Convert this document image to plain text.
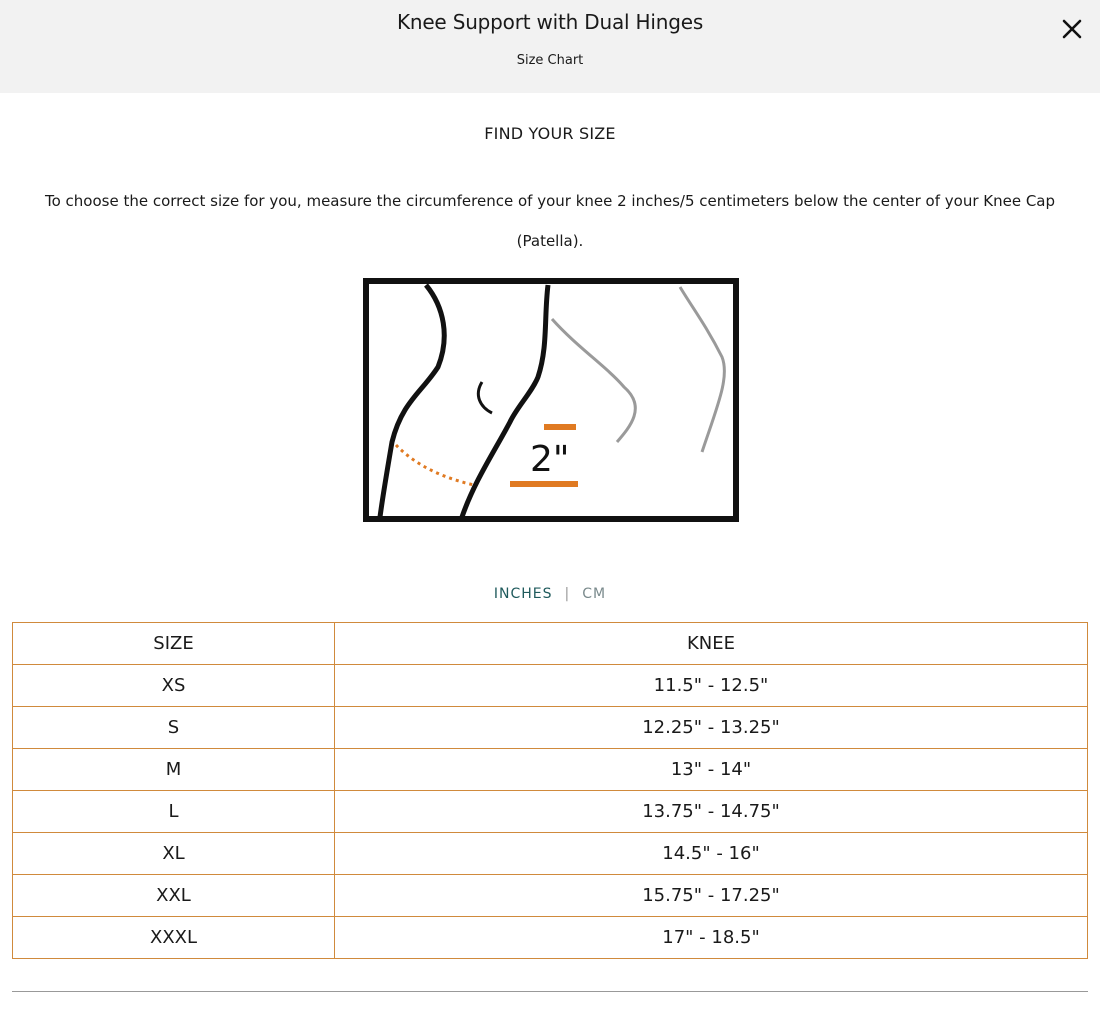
Knee Support with Dual Hinges
Size Chart
FIND YOUR SIZE
To choose the correct size for you, measure the circumference of your knee 2 inches/5 centimeters below the center of your Knee Cap (Patella).
2"
INCHES | CM
SIZE	KNEE
XS	11.5" - 12.5"
S	12.25" - 13.25"
M	13" - 14"
L	13.75" - 14.75"
XL	14.5" - 16"
XXL	15.75" - 17.25"
XXXL	17" - 18.5"
